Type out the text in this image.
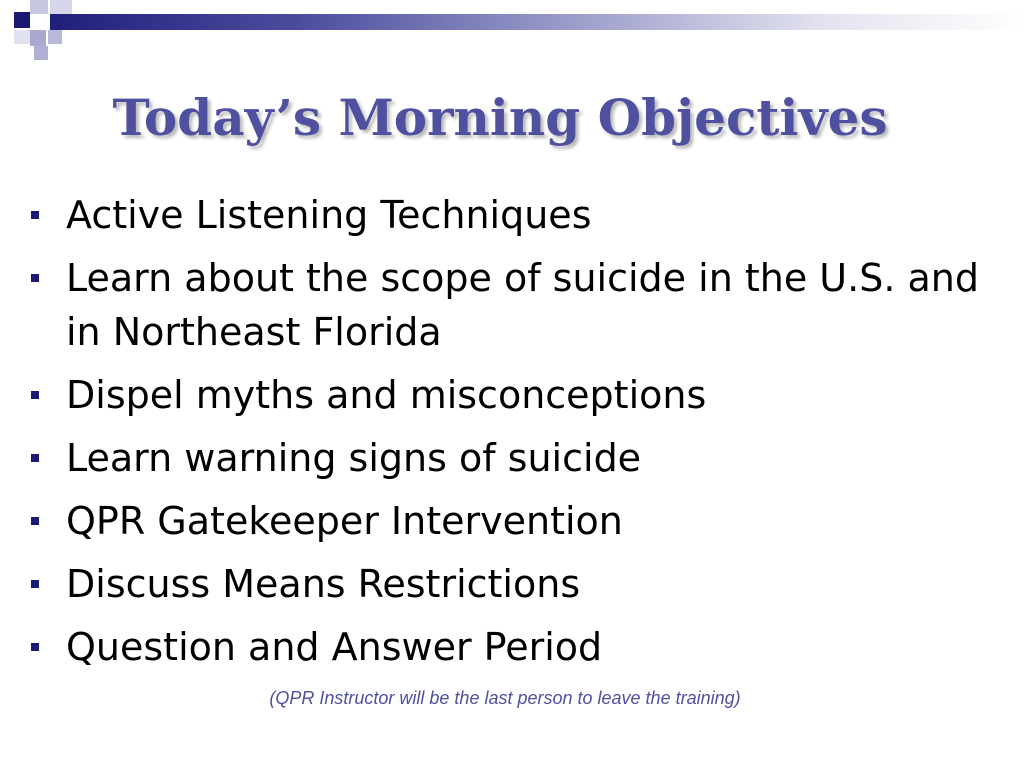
Today’s Morning Objectives
Active Listening Techniques
Learn about the scope of suicide in the U.S. and in Northeast Florida
Dispel myths and misconceptions
Learn warning signs of suicide
QPR Gatekeeper Intervention
Discuss Means Restrictions
Question and Answer Period
(QPR Instructor will be the last person to leave the training)
